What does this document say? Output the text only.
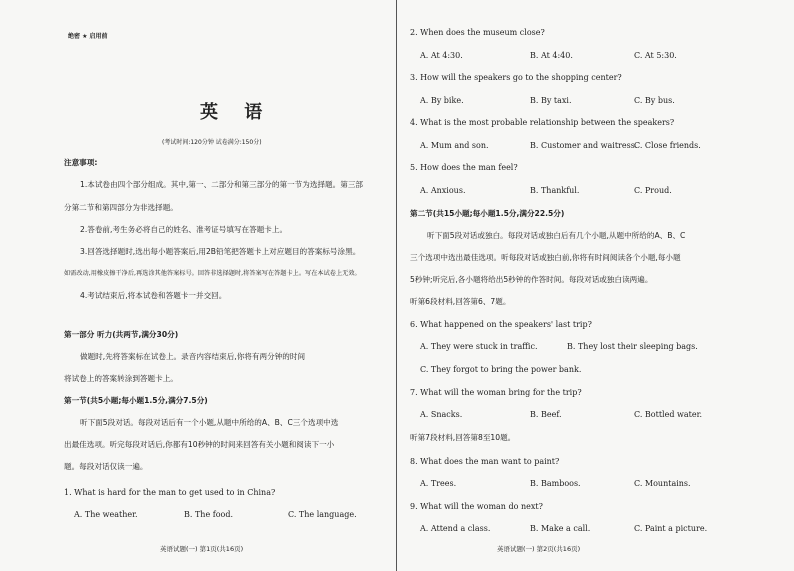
绝密 ★ 启用前
英 语
(考试时间:120分钟 试卷满分:150分)
注意事项:
1.本试卷由四个部分组成。其中,第一、二部分和第三部分的第一节为选择题。第三部
分第二节和第四部分为非选择题。
2.答卷前,考生务必将自己的姓名、准考证号填写在答题卡上。
3.回答选择题时,选出每小题答案后,用2B铅笔把答题卡上对应题目的答案标号涂黑。
如需改动,用橡皮擦干净后,再选涂其他答案标号。回答非选择题时,将答案写在答题卡上。写在本试卷上无效。
4.考试结束后,将本试卷和答题卡一并交回。
第一部分 听力(共两节,满分30分)
做题时,先将答案标在试卷上。录音内容结束后,你将有两分钟的时间
将试卷上的答案转涂到答题卡上。
第一节(共5小题;每小题1.5分,满分7.5分)
听下面5段对话。每段对话后有一个小题,从题中所给的A、B、C三个选项中选
出最佳选项。听完每段对话后,你都有10秒钟的时间来回答有关小题和阅读下一小
题。每段对话仅读一遍。
1. What is hard for the man to get used to in China?
A. The weather.	B. The food.	C. The language.
英语试题(一) 第1页(共16页)
2. When does the museum close?
A. At 4:30.	B. At 4:40.	C. At 5:30.
3. How will the speakers go to the shopping center?
A. By bike.	B. By taxi.	C. By bus.
4. What is the most probable relationship between the speakers?
A. Mum and son.	B. Customer and waitress.
C. Close friends.
5. How does the man feel?
A. Anxious.	B. Thankful.	C. Proud.
第二节(共15小题;每小题1.5分,满分22.5分)
听下面5段对话或独白。每段对话或独白后有几个小题,从题中所给的A、B、C
三个选项中选出最佳选项。听每段对话或独白前,你将有时间阅读各个小题,每小题
5秒钟;听完后,各小题将给出5秒钟的作答时间。每段对话或独白读两遍。
听第6段材料,回答第6、7题。
6. What happened on the speakers' last trip?
A. They were stuck in traffic.	B. They lost their sleeping bags.
C. They forgot to bring the power bank.
7. What will the woman bring for the trip?
A. Snacks.	B. Beef.	C. Bottled water.
听第7段材料,回答第8至10题。
8. What does the man want to paint?
A. Trees.	B. Bamboos.	C. Mountains.
9. What will the woman do next?
A. Attend a class.	B. Make a call.	C. Paint a picture.
英语试题(一) 第2页(共16页)
